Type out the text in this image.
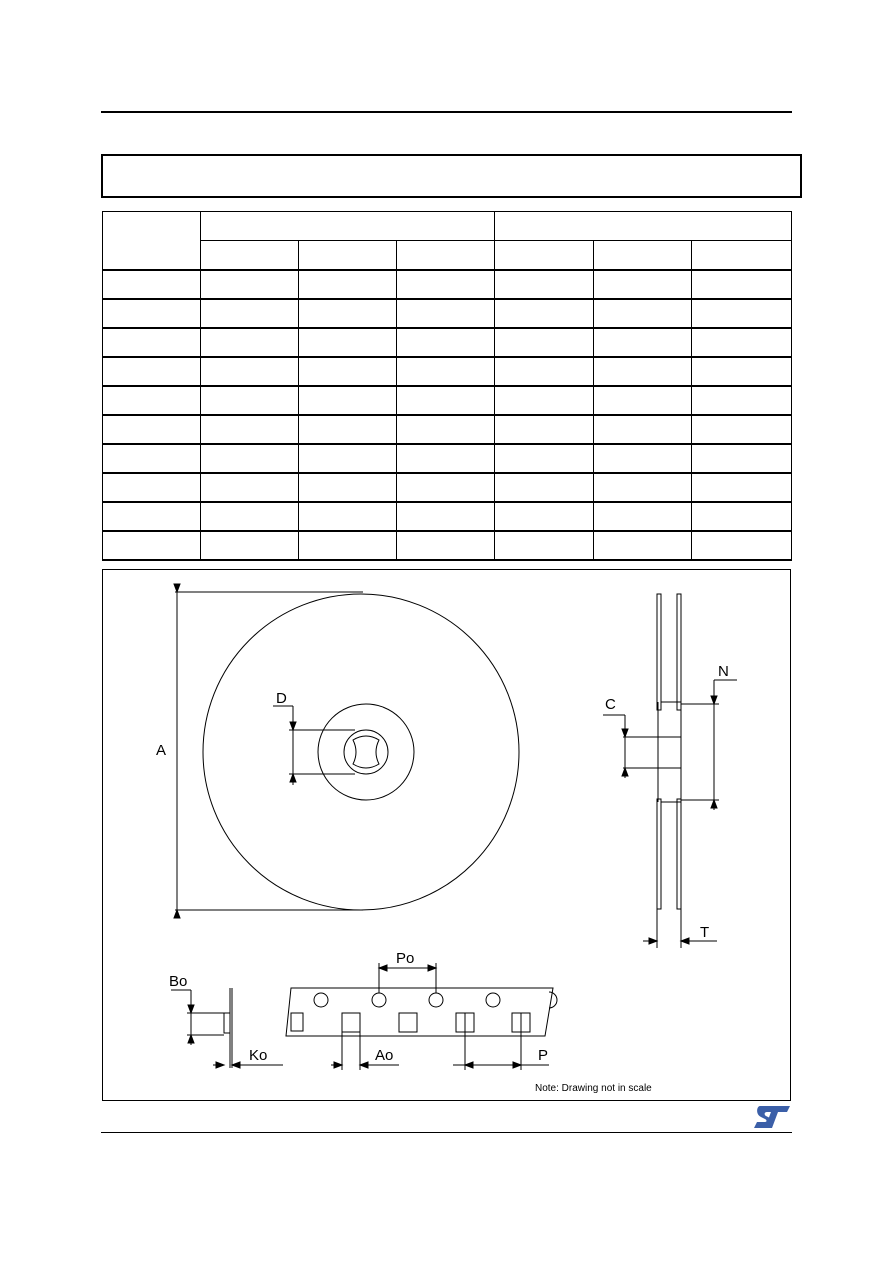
A
D	C
N
T
Bo
Ko
Po
Ao	P
Note: Drawing not in scale
